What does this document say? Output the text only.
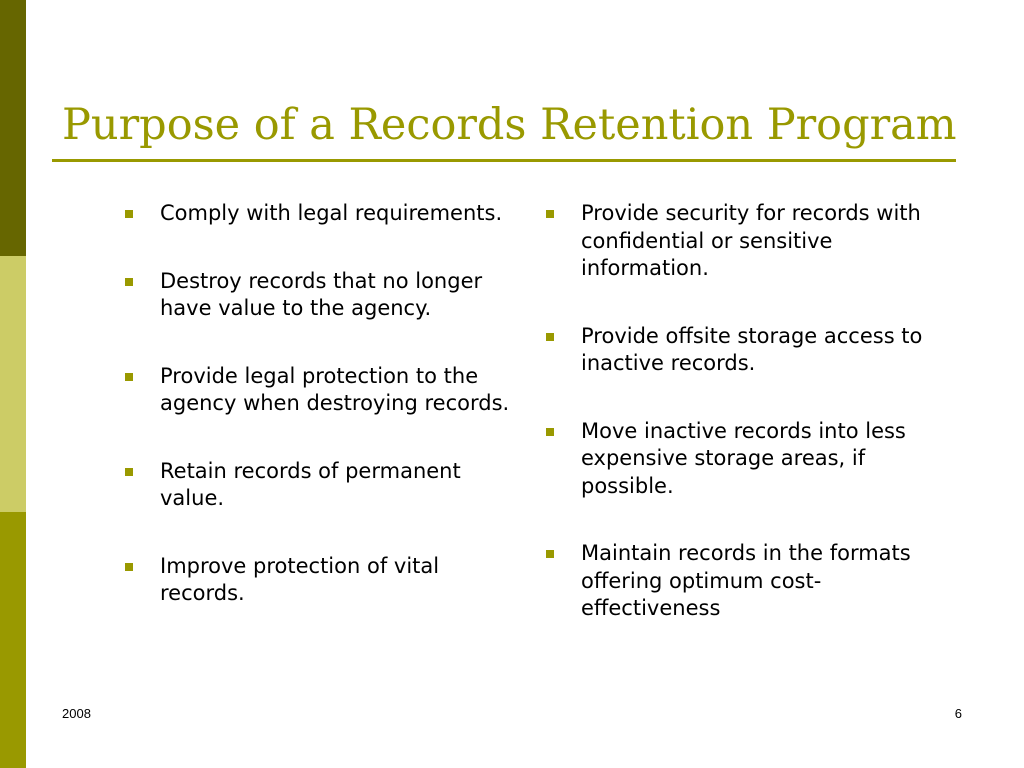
Purpose of a Records Retention Program
Comply with legal requirements.
Destroy records that no longer have value to the agency.
Provide legal protection to the agency when destroying records.
Retain records of permanent value.
Improve protection of vital records.
Provide security for records with confidential or sensitive information.
Provide offsite storage access to inactive records.
Move inactive records into less expensive storage areas, if possible.
Maintain records in the formats offering optimum cost-effectiveness
2008	6
